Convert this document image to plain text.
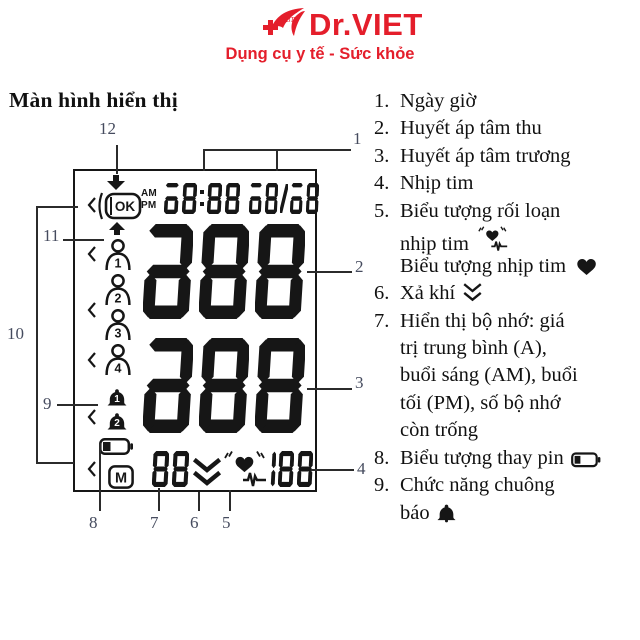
iBT Dr.VIET
Dụng cụ y tế - Sức khỏe
Màn hình hiển thị
OK
AM
PM
1
2
3
4
1
2
M
12
1
2
3
4
5
6
7
8
9
10
11
1. Ngày giờ
2. Huyết áp tâm thu
3. Huyết áp tâm trương
4. Nhịp tim
5. Biểu tượng rối loạn
nhịp tim
Biểu tượng nhịp tim
6. Xả khí
7. Hiển thị bộ nhớ: giá
trị trung bình (A),
buổi sáng (AM), buổi
tối (PM), số bộ nhớ
còn trống
8. Biểu tượng thay pin
9. Chức năng chuông
báo
